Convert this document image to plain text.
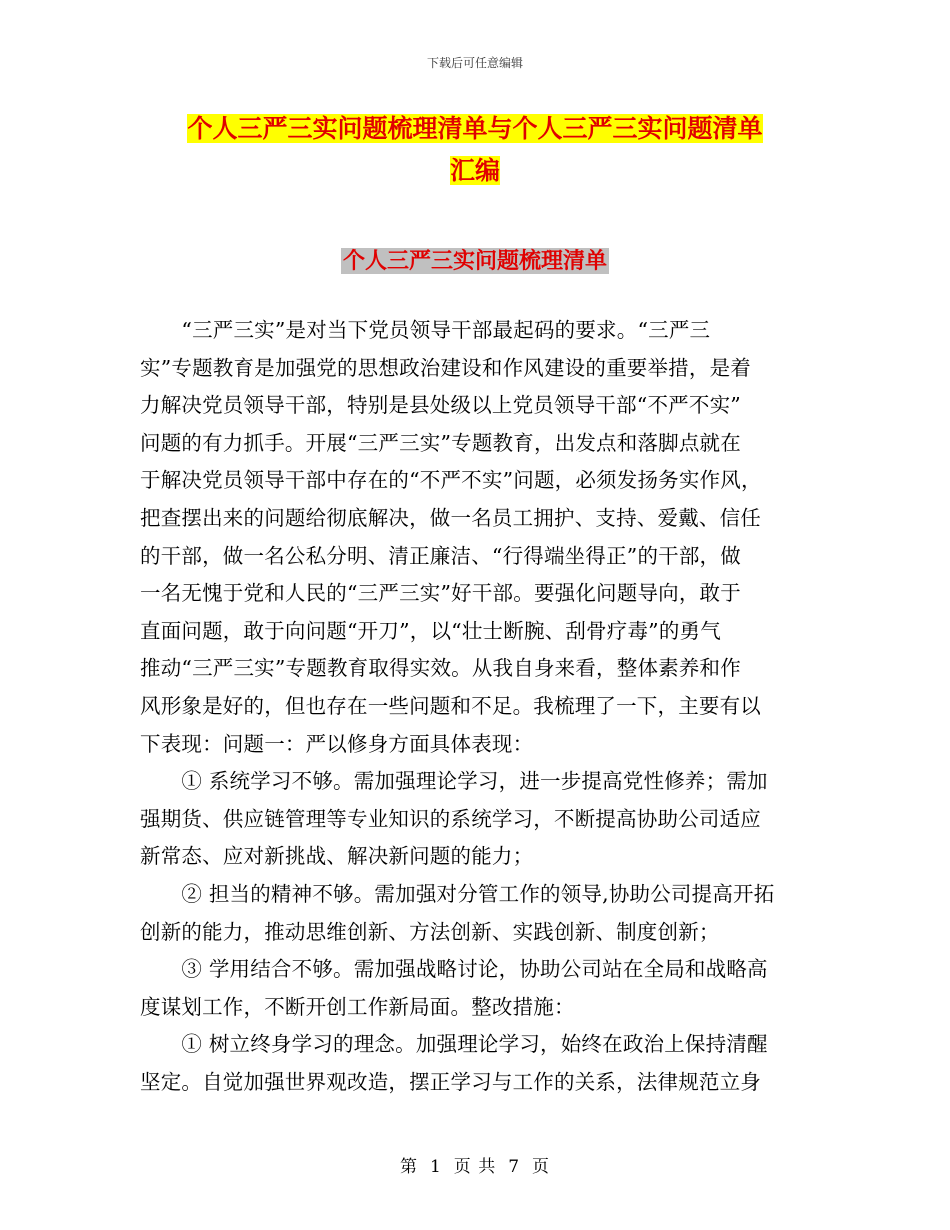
下载后可任意编辑
个人三严三实问题梳理清单与个人三严三实问题清单
汇编
个人三严三实问题梳理清单
　　“三严三实”是对当下党员领导干部最起码的要求。“三严三
实”专题教育是加强党的思想政治建设和作风建设的重要举措，是着
力解决党员领导干部，特别是县处级以上党员领导干部“不严不实”
问题的有力抓手。开展“三严三实”专题教育，出发点和落脚点就在
于解决党员领导干部中存在的“不严不实”问题，必须发扬务实作风，
把查摆出来的问题给彻底解决，做一名员工拥护、支持、爱戴、信任
的干部，做一名公私分明、清正廉洁、“行得端坐得正”的干部，做
一名无愧于党和人民的“三严三实”好干部。要强化问题导向，敢于
直面问题，敢于向问题“开刀”，以“壮士断腕、刮骨疗毒”的勇气
推动“三严三实”专题教育取得实效。从我自身来看，整体素养和作
风形象是好的，但也存在一些问题和不足。我梳理了一下，主要有以
下表现：问题一：严以修身方面具体表现：
　　① 系统学习不够。需加强理论学习，进一步提高党性修养；需加
强期货、供应链管理等专业知识的系统学习，不断提高协助公司适应
新常态、应对新挑战、解决新问题的能力；
　　② 担当的精神不够。需加强对分管工作的领导,协助公司提高开拓
创新的能力，推动思维创新、方法创新、实践创新、制度创新；
　　③ 学用结合不够。需加强战略讨论，协助公司站在全局和战略高
度谋划工作，不断开创工作新局面。整改措施：
　　① 树立终身学习的理念。加强理论学习，始终在政治上保持清醒
坚定。自觉加强世界观改造，摆正学习与工作的关系，法律规范立身
第 1 页 共 7 页
